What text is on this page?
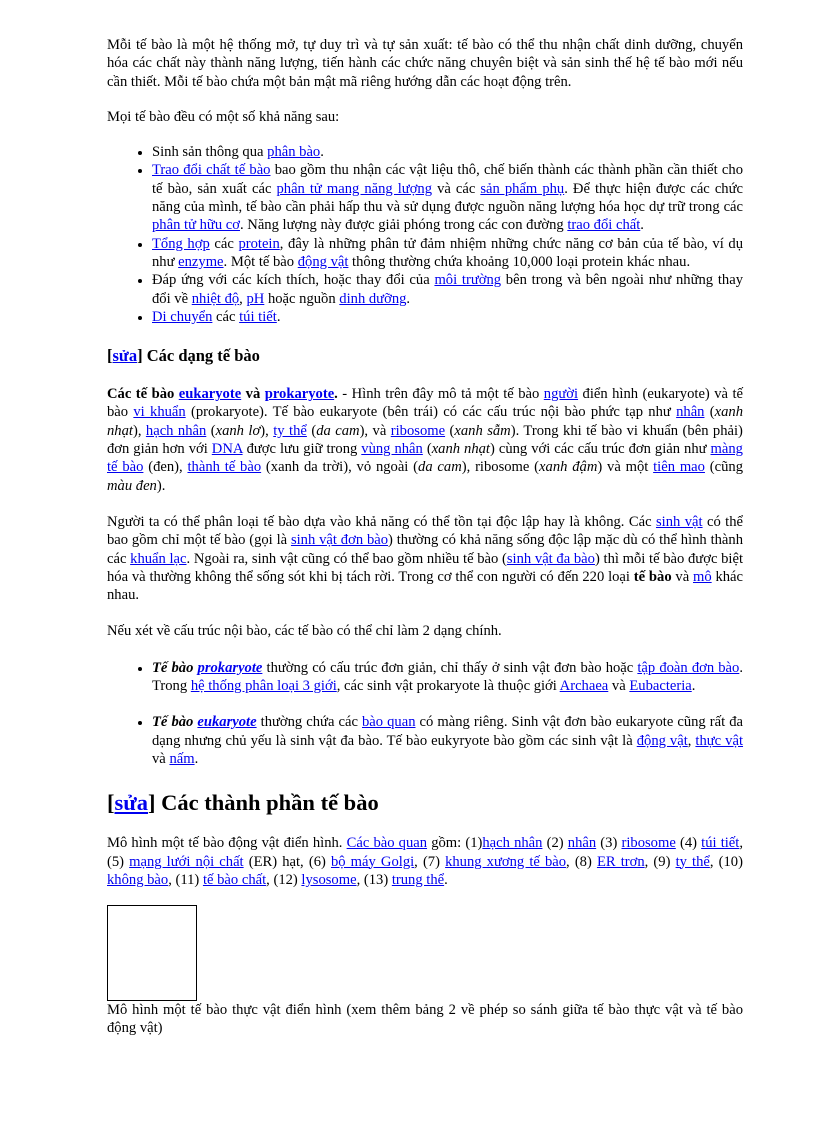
Mỗi tế bào là một hệ thống mở, tự duy trì và tự sản xuất: tế bào có thể thu nhận chất dinh dưỡng, chuyển hóa các chất này thành năng lượng, tiến hành các chức năng chuyên biệt và sản sinh thế hệ tế bào mới nếu cần thiết. Mỗi tế bào chứa một bản mật mã riêng hướng dẫn các hoạt động trên.

Mọi tế bào đều có một số khả năng sau:

• Sinh sản thông qua phân bào.
• Trao đổi chất tế bào bao gồm thu nhận các vật liệu thô, chế biến thành các thành phần cần thiết cho tế bào, sản xuất các phân tử mang năng lượng và các sản phẩm phụ. Để thực hiện được các chức năng của mình, tế bào cần phải hấp thu và sử dụng được nguồn năng lượng hóa học dự trữ trong các phân tử hữu cơ. Năng lượng này được giải phóng trong các con đường trao đổi chất.
• Tổng hợp các protein, đây là những phân tử đảm nhiệm những chức năng cơ bản của tế bào, ví dụ như enzyme. Một tế bào động vật thông thường chứa khoảng 10,000 loại protein khác nhau.
• Đáp ứng với các kích thích, hoặc thay đổi của môi trường bên trong và bên ngoài như những thay đổi về nhiệt độ, pH hoặc nguồn dinh dưỡng.
• Di chuyển các túi tiết.
[sửa] Các dạng tế bào

Các tế bào eukaryote và prokaryote. - Hình trên đây mô tả một tế bào người điển hình (eukaryote) và tế bào vi khuẩn (prokaryote). Tế bào eukaryote (bên trái) có các cấu trúc nội bào phức tạp như nhân (xanh nhạt), hạch nhân (xanh lơ), ty thể (da cam), và ribosome (xanh sẫm). Trong khi tế bào vi khuẩn (bên phải) đơn giản hơn với DNA được lưu giữ trong vùng nhân (xanh nhạt) cùng với các cấu trúc đơn giản như màng tế bào (đen), thành tế bào (xanh da trời), vỏ ngoài (da cam), ribosome (xanh đậm) và một tiên mao (cũng màu đen).

Người ta có thể phân loại tế bào dựa vào khả năng có thể tồn tại độc lập hay là không. Các sinh vật có thể bao gồm chỉ một tế bào (gọi là sinh vật đơn bào) thường có khả năng sống độc lập mặc dù có thể hình thành các khuẩn lạc. Ngoài ra, sinh vật cũng có thể bao gồm nhiều tế bào (sinh vật đa bào) thì mỗi tế bào được biệt hóa và thường không thể sống sót khi bị tách rời. Trong cơ thể con người có đến 220 loại tế bào và mô khác nhau.

Nếu xét về cấu trúc nội bào, các tế bào có thể chỉ làm 2 dạng chính.

• Tế bào prokaryote thường có cấu trúc đơn giản, chỉ thấy ở sinh vật đơn bào hoặc tập đoàn đơn bào. Trong hệ thống phân loại 3 giới, các sinh vật prokaryote là thuộc giới Archaea và Eubacteria.
• Tế bào eukaryote thường chứa các bào quan có màng riêng. Sinh vật đơn bào eukaryote cũng rất đa dạng nhưng chủ yếu là sinh vật đa bào. Tế bào eukyryote bào gồm các sinh vật là động vật, thực vật và nấm.
[sửa] Các thành phần tế bào

Mô hình một tế bào động vật điển hình. Các bào quan gồm: (1)hạch nhân (2) nhân (3) ribosome (4) túi tiết,(5) mạng lưới nội chất (ER) hạt, (6) bộ máy Golgi, (7) khung xương tế bào, (8) ER trơn, (9) ty thể, (10) không bào, (11) tế bào chất, (12) lysosome, (13) trung thể.

Mô hình một tế bào thực vật điển hình (xem thêm bảng 2 về phép so sánh giữa tế bào thực vật và tế bào động vật)
